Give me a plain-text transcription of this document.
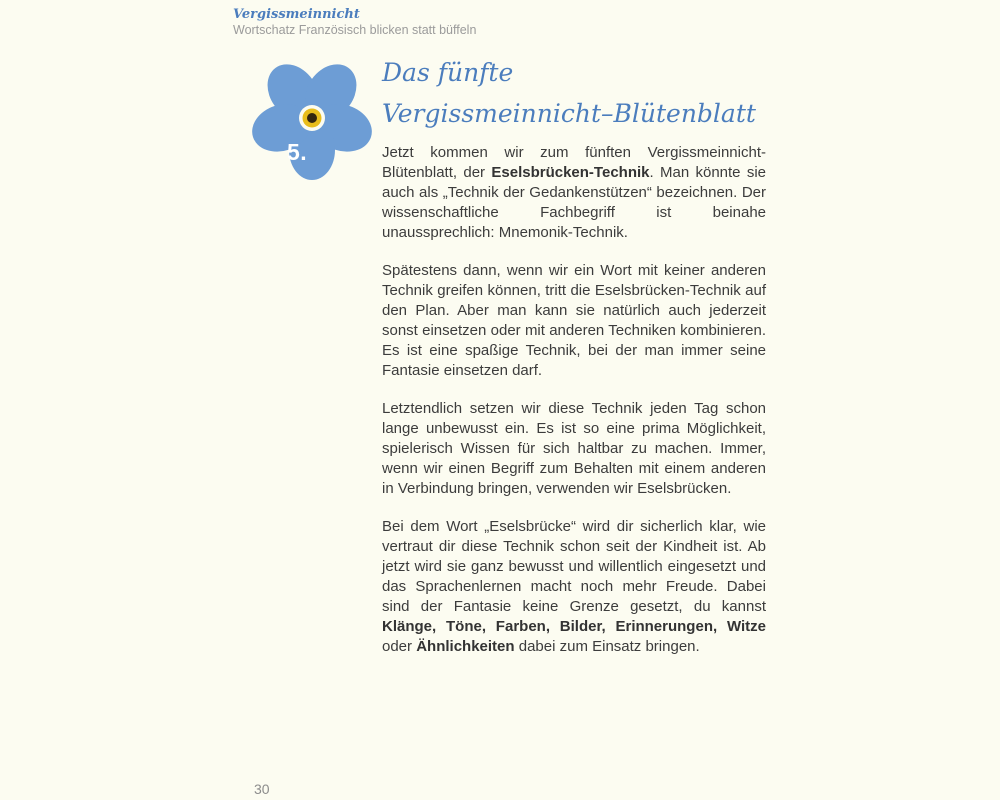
Vergissmeinnicht
Wortschatz Französisch blicken statt büffeln
5.
Das fünfte
Vergissmeinnicht–Blütenblatt

Jetzt kommen wir zum fünften Vergissmeinnicht-Blütenblatt, der Eselsbrücken-Technik. Man könnte sie auch als „Technik der Gedankenstützen“ bezeichnen. Der wissenschaftliche Fachbegriff ist beinahe unaussprechlich: Mnemonik-Technik.

Spätestens dann, wenn wir ein Wort mit keiner anderen Technik greifen können, tritt die Eselsbrücken-Technik auf den Plan. Aber man kann sie natürlich auch jederzeit sonst einsetzen oder mit anderen Techniken kombinieren. Es ist eine spaßige Technik, bei der man immer seine Fantasie einsetzen darf.

Letztendlich setzen wir diese Technik jeden Tag schon lange unbewusst ein. Es ist so eine prima Möglichkeit, spielerisch Wissen für sich haltbar zu machen. Immer, wenn wir einen Begriff zum Behalten mit einem anderen in Verbindung bringen, verwenden wir Eselsbrücken.

Bei dem Wort „Eselsbrücke“ wird dir sicherlich klar, wie vertraut dir diese Technik schon seit der Kindheit ist. Ab jetzt wird sie ganz bewusst und willentlich eingesetzt und das Sprachenlernen macht noch mehr Freude. Dabei sind der Fantasie keine Grenze gesetzt, du kannst Klänge, Töne, Farben, Bilder, Erinnerungen, Witze oder Ähnlichkeiten dabei zum Einsatz bringen.

30
